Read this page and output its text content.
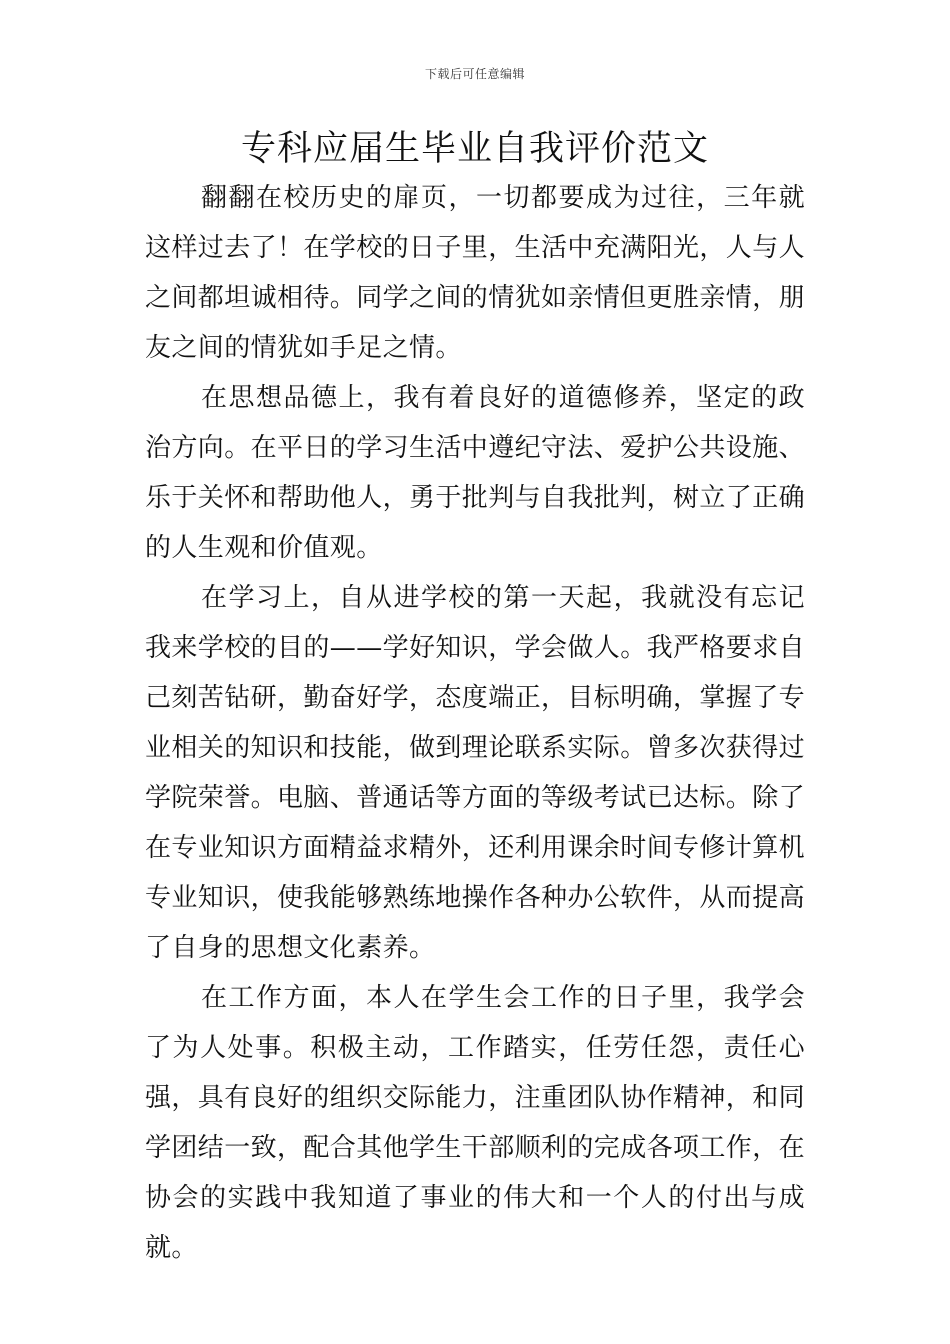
下载后可任意编辑
专科应届生毕业自我评价范文

翻翻在校历史的扉页，一切都要成为过往，三年就这样过去了！在学校的日子里，生活中充满阳光，人与人之间都坦诚相待。同学之间的情犹如亲情但更胜亲情，朋友之间的情犹如手足之情。

在思想品德上，我有着良好的道德修养，坚定的政治方向。在平日的学习生活中遵纪守法、爱护公共设施、乐于关怀和帮助他人，勇于批判与自我批判，树立了正确的人生观和价值观。

在学习上，自从进学校的第一天起，我就没有忘记我来学校的目的——学好知识，学会做人。我严格要求自己刻苦钻研，勤奋好学，态度端正，目标明确，掌握了专业相关的知识和技能，做到理论联系实际。曾多次获得过学院荣誉。电脑、普通话等方面的等级考试已达标。除了在专业知识方面精益求精外，还利用课余时间专修计算机专业知识，使我能够熟练地操作各种办公软件，从而提高了自身的思想文化素养。

在工作方面，本人在学生会工作的日子里，我学会了为人处事。积极主动，工作踏实，任劳任怨，责任心强，具有良好的组织交际能力，注重团队协作精神，和同学团结一致，配合其他学生干部顺利的完成各项工作，在协会的实践中我知道了事业的伟大和一个人的付出与成就。
